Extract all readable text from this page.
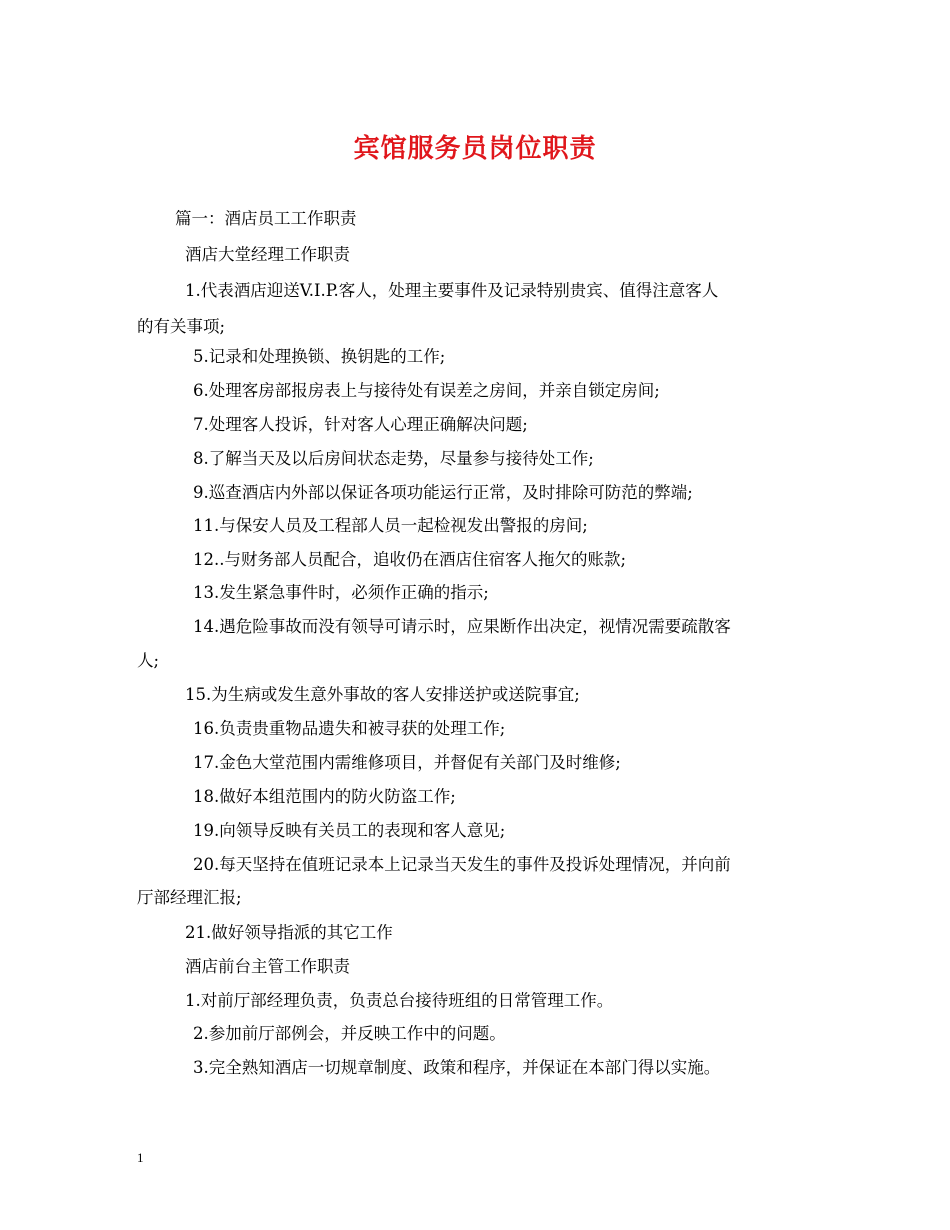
宾馆服务员岗位职责
篇一：酒店员工工作职责
酒店大堂经理工作职责
1.代表酒店迎送V.I.P.客人，处理主要事件及记录特别贵宾、值得注意客人
的有关事项;
5.记录和处理换锁、换钥匙的工作;
6.处理客房部报房表上与接待处有误差之房间，并亲自锁定房间;
7.处理客人投诉，针对客人心理正确解决问题;
8.了解当天及以后房间状态走势，尽量参与接待处工作;
9.巡查酒店内外部以保证各项功能运行正常，及时排除可防范的弊端;
11.与保安人员及工程部人员一起检视发出警报的房间;
12..与财务部人员配合，追收仍在酒店住宿客人拖欠的账款;
13.发生紧急事件时，必须作正确的指示;
14.遇危险事故而没有领导可请示时，应果断作出决定，视情况需要疏散客
人;
15.为生病或发生意外事故的客人安排送护或送院事宜;
16.负责贵重物品遗失和被寻获的处理工作;
17.金色大堂范围内需维修项目，并督促有关部门及时维修;
18.做好本组范围内的防火防盗工作;
19.向领导反映有关员工的表现和客人意见;
20.每天坚持在值班记录本上记录当天发生的事件及投诉处理情况，并向前
厅部经理汇报;
21.做好领导指派的其它工作
酒店前台主管工作职责
1.对前厅部经理负责，负责总台接待班组的日常管理工作。
2.参加前厅部例会，并反映工作中的问题。
3.完全熟知酒店一切规章制度、政策和程序，并保证在本部门得以实施。
1
